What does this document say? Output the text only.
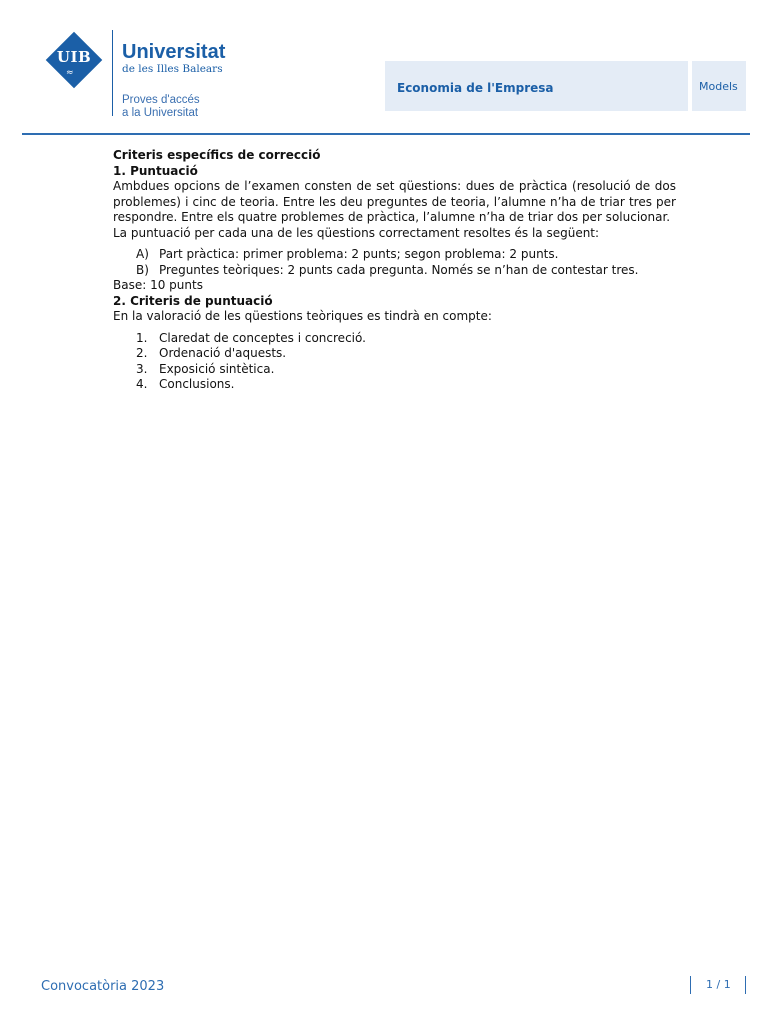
UIB
≈
Universitat
de les Illes Balears
Proves d'accés
a la Universitat
Economia de l'Empresa	Models
Criteris específics de correcció
1. Puntuació

Ambdues opcions de l’examen consten de set qüestions: dues de pràctica (resolució de dos problemes) i cinc de teoria. Entre les deu preguntes de teoria, l’alumne n’ha de triar tres per respondre. Entre els quatre problemes de pràctica, l’alumne n’ha de triar dos per solucionar.

La puntuació per cada una de les qüestions correctament resoltes és la següent:

A) Part pràctica: primer problema: 2 punts; segon problema: 2 punts.
B) Preguntes teòriques: 2 punts cada pregunta. Només se n’han de contestar tres.

Base: 10 punts

2. Criteris de puntuació

En la valoració de les qüestions teòriques es tindrà en compte:

1. Claredat de conceptes i concreció.
2. Ordenació d'aquests.
3. Exposició sintètica.
4. Conclusions.
Convocatòria 2023	1 / 1
